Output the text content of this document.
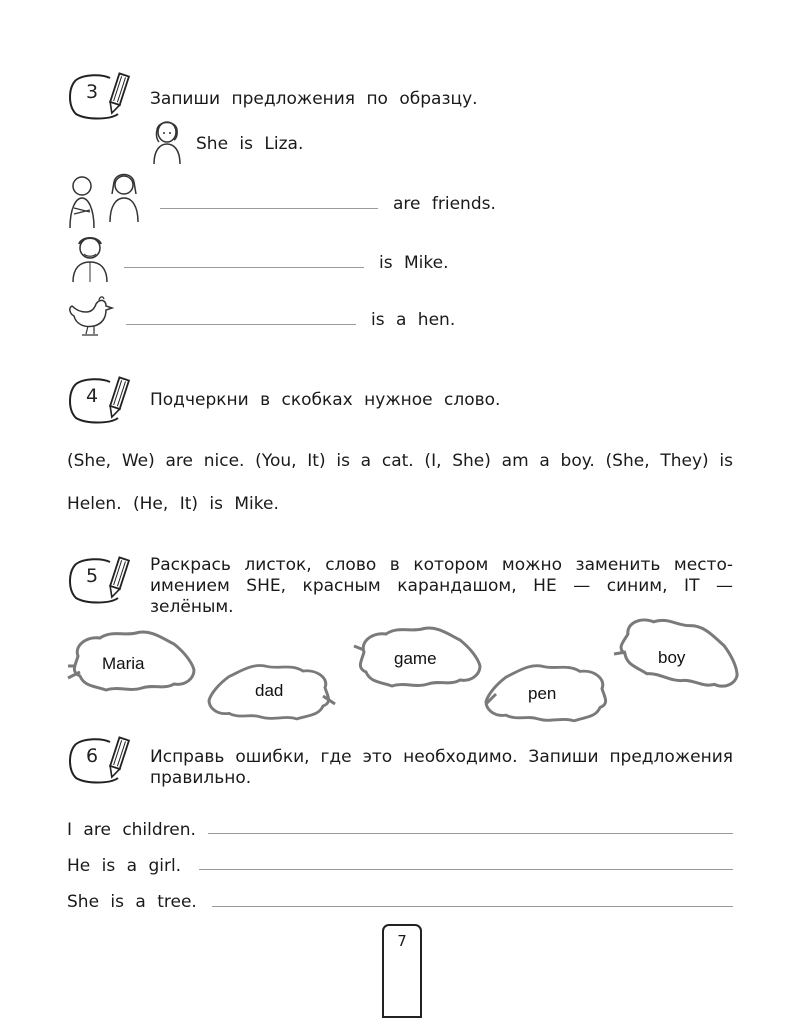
3	Запиши предложения по образцу.
She is Liza.
are friends.
is Mike.
is a hen.
4	Подчеркни в скобках нужное слово.
(She, We) are nice. (You, It) is a cat. (I, She) am a boy. (She, They) is
Helen. (He, It) is Mike.
5	Раскрась листок, слово в котором можно заменить место-
имением SHE, красным карандашом, HE — синим, IT —
зелёным.
Maria
dad
game
pen
boy
6	Исправь ошибки, где это необходимо. Запиши предложения
правильно.
I are children.
He is a girl.
She is a tree.
7
